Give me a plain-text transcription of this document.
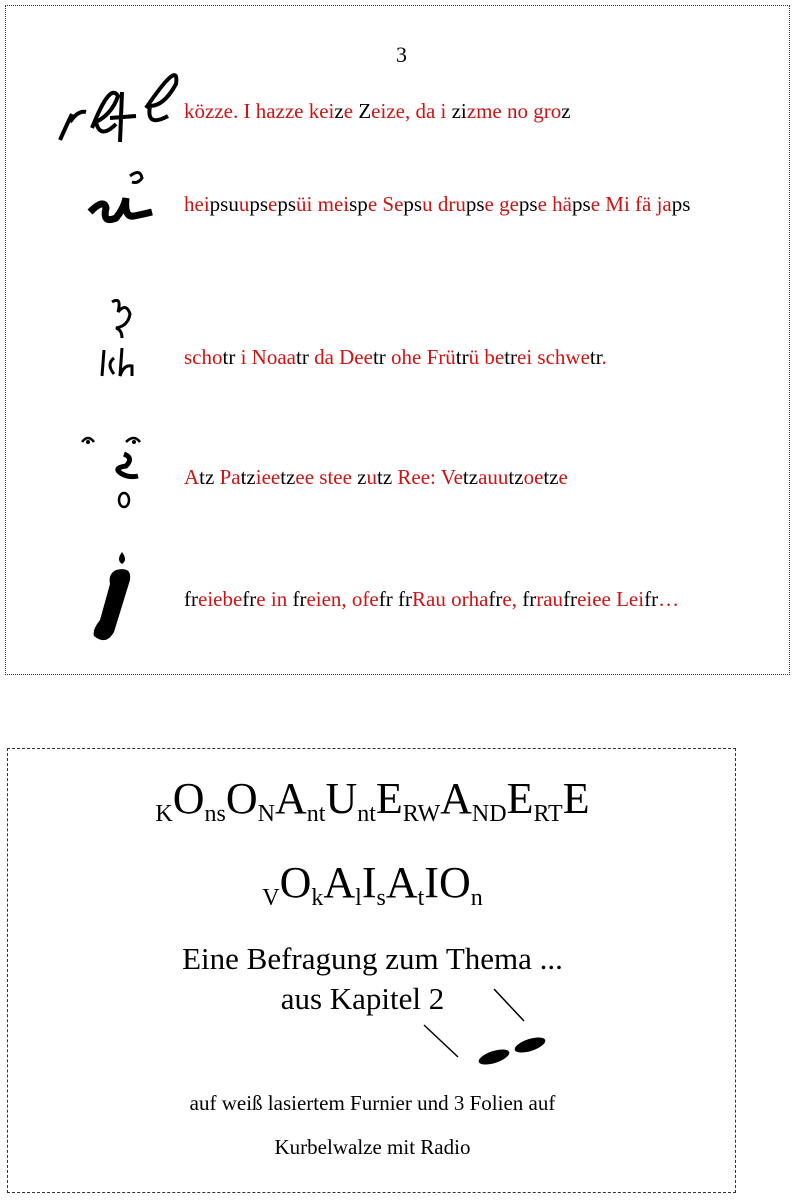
3
közze. I hazze keize Zeize, da i zizme no groz
heipsuupsepsüi meispe Sepsu drupse gepse häpse Mi fä japs
schotr i Noaatr da Deetr ohe Frütrü betrei schwetr.
Atz Patzieetzee stee zutz Ree: Vetzauutzoetze
freiebefre in freien, ofefr frRau orhafre, frraufreiee Leifr…
KOnsONAntUntERWANDERTE
VOkAlIsAtIOn
Eine Befragung zum Thema ...
aus Kapitel 2
auf weiß lasiertem Furnier und 3 Folien auf
Kurbelwalze mit Radio
